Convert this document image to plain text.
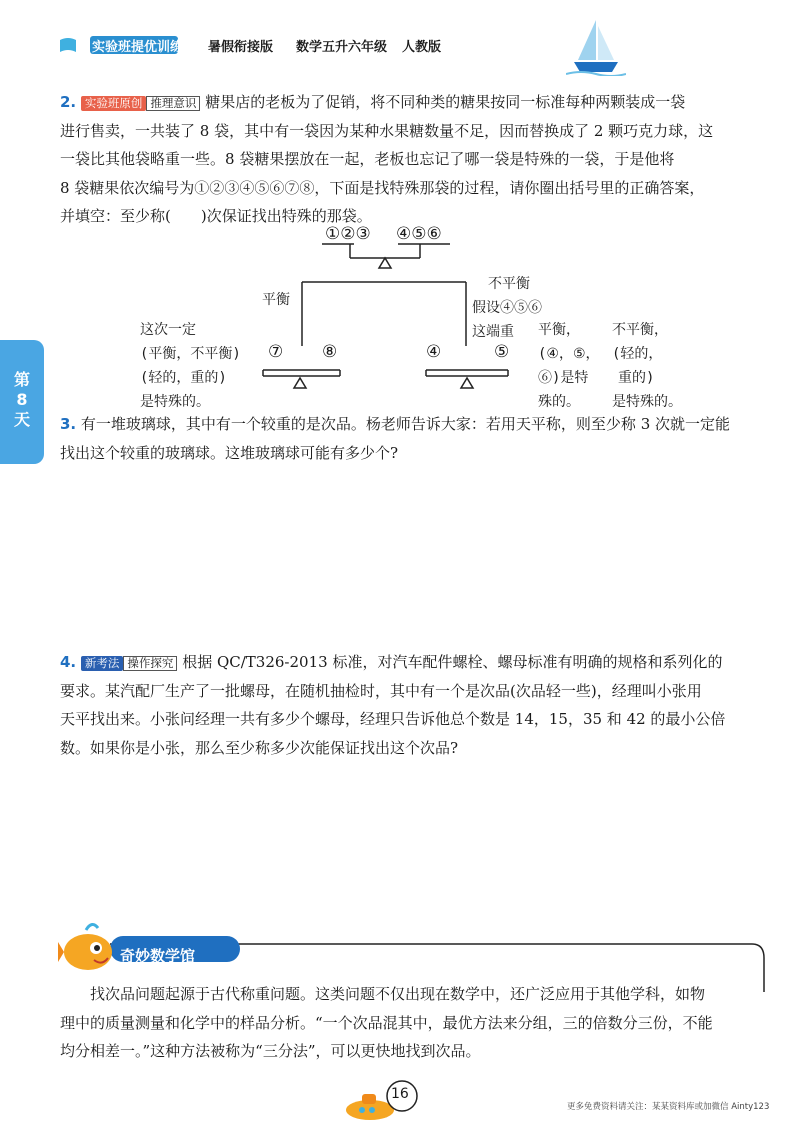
实验班提优训练 暑假衔接版 数学五升六年级 人教版
第
8
天
2. 实验班原创 推理意识 糖果店的老板为了促销，将不同种类的糖果按同一标准每种两颗装成一袋
进行售卖，一共装了 8 袋，其中有一袋因为某种水果糖数量不足，因而替换成了 2 颗巧克力球，这
一袋比其他袋略重一些。8 袋糖果摆放在一起，老板也忘记了哪一袋是特殊的一袋，于是他将
8 袋糖果依次编号为①②③④⑤⑥⑦⑧，下面是找特殊那袋的过程，请你圈出括号里的正确答案，
并填空：至少称(　　)次保证找出特殊的那袋。
①②③ ④⑤⑥
平衡
不平衡
假设④⑤⑥
这端重
这次一定
(平衡，不平衡)
(轻的，重的)
是特殊的。
⑦ ⑧	④	⑤
平衡，
(④，⑤，
⑥)是特
殊的。
不平衡，
(轻的，
重的)
是特殊的。
3. 有一堆玻璃球，其中有一个较重的是次品。杨老师告诉大家：若用天平称，则至少称 3 次就一定能
找出这个较重的玻璃球。这堆玻璃球可能有多少个?
4. 新考法 操作探究 根据 QC/T326-2013 标准，对汽车配件螺栓、螺母标准有明确的规格和系列化的
要求。某汽配厂生产了一批螺母，在随机抽检时，其中有一个是次品(次品轻一些)，经理叫小张用
天平找出来。小张问经理一共有多少个螺母，经理只告诉他总个数是 14，15，35 和 42 的最小公倍
数。如果你是小张，那么至少称多少次能保证找出这个次品?
奇妙数学馆
找次品问题起源于古代称重问题。这类问题不仅出现在数学中，还广泛应用于其他学科，如物
理中的质量测量和化学中的样品分析。“一个次品混其中，最优方法来分组，三的倍数分三份，不能
均分相差一。”这种方法被称为“三分法”，可以更快地找到次品。
16
更多免费资料请关注：某某资料库或加微信 Ainty123
